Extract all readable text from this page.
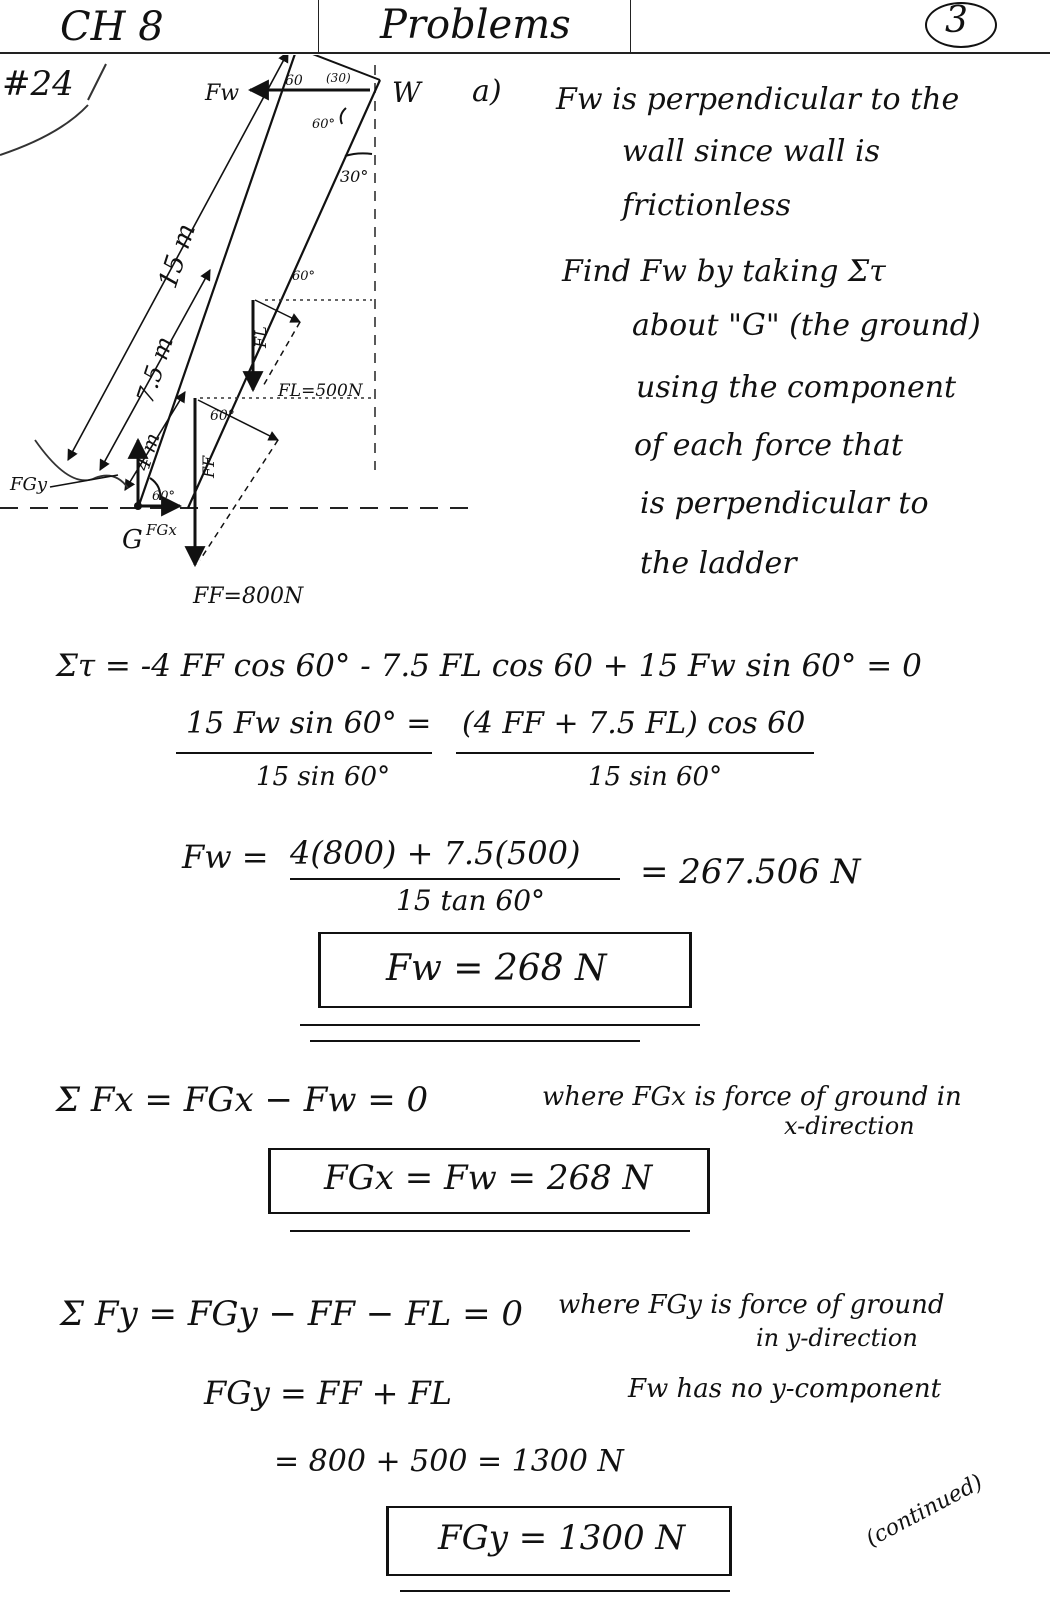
CH 8	Problems	3
#24	Fw	W
60 (30)
60°
30°
15 m
7.5 m
4 m
60°
FL
FL=500N
60°
FF
FGy
G FGx
60°
FF=800N
a) Fw is perpendicular to the
wall since wall is
frictionless
Find Fw by taking Στ
about "G" (the ground)
using the component
of each force that
is perpendicular to
the ladder
Στ = -4 FF cos 60° - 7.5 FL cos 60 + 15 Fw sin 60° = 0
15 Fw sin 60° = (4 FF + 7.5 FL) cos 60
15 sin 60°	15 sin 60°
Fw = 4(800) + 7.5(500)
15 tan 60°
= 267.506 N
Fw = 268 N
Σ Fx = FGx − Fw = 0	where FGx is force of ground in
x-direction
FGx = Fw = 268 N
Σ Fy = FGy − FF − FL = 0 where FGy is force of ground
in y-direction
FGy = FF + FL	Fw has no y-component
= 800 + 500 = 1300 N
FGy = 1300 N	(continued)
